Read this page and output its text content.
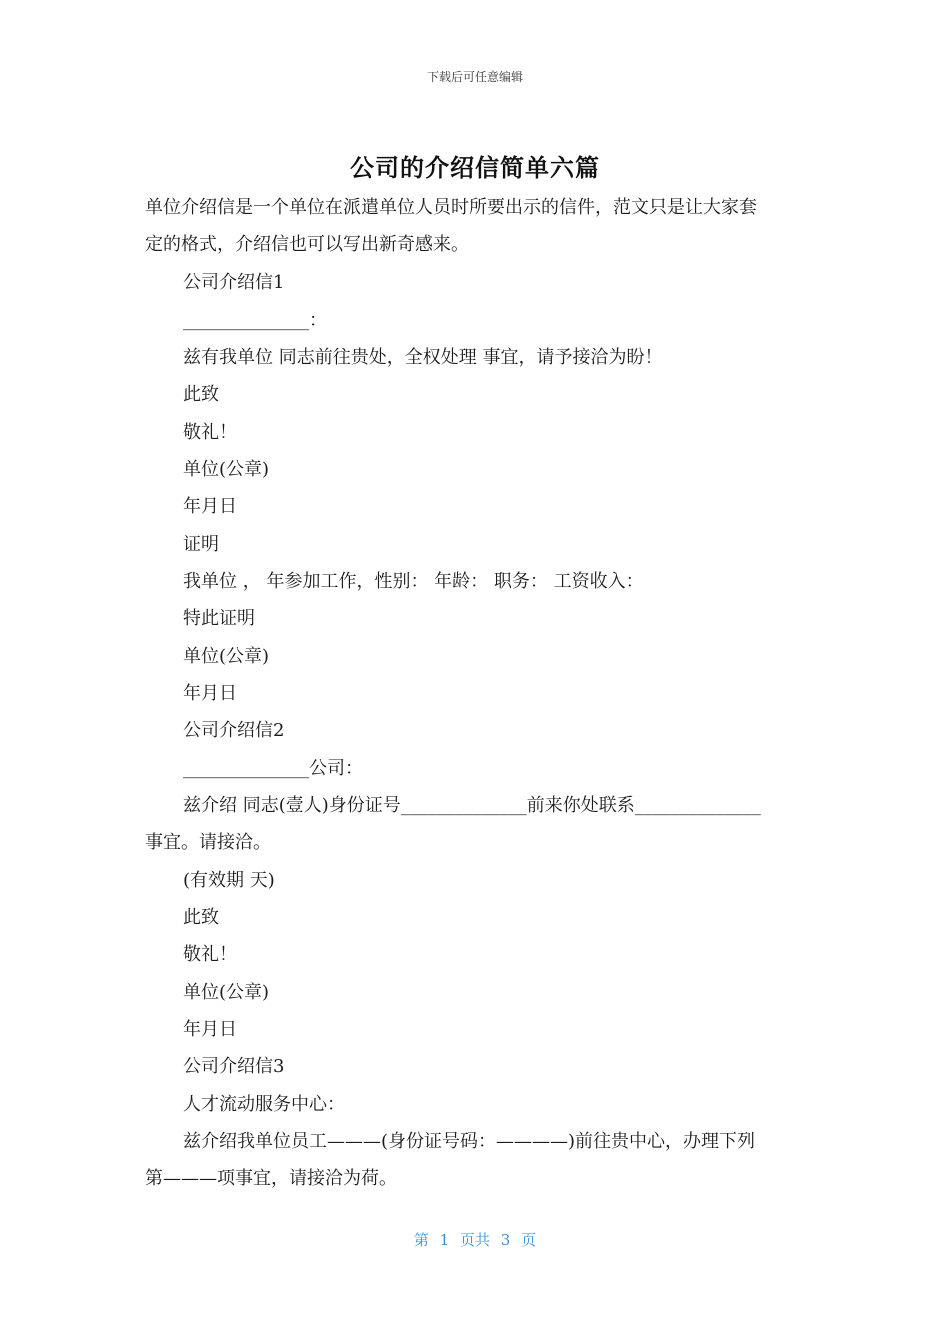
下载后可任意编辑
公司的介绍信简单六篇
单位介绍信是一个单位在派遣单位人员时所要出示的信件，范文只是让大家套
定的格式，介绍信也可以写出新奇感来。
公司介绍信1
______________：
兹有我单位 同志前往贵处，全权处理 事宜，请予接洽为盼！
此致
敬礼！
单位(公章)
年月日
证明
我单位 ， 年参加工作，性别： 年龄： 职务： 工资收入：
特此证明
单位(公章)
年月日
公司介绍信2
______________公司：
兹介绍 同志(壹人)身份证号______________前来你处联系______________
事宜。请接洽。
(有效期 天)
此致
敬礼！
单位(公章)
年月日
公司介绍信3
人才流动服务中心：
兹介绍我单位员工———(身份证号码：————)前往贵中心，办理下列
第———项事宜，请接洽为荷。
第 1 页共 3 页
